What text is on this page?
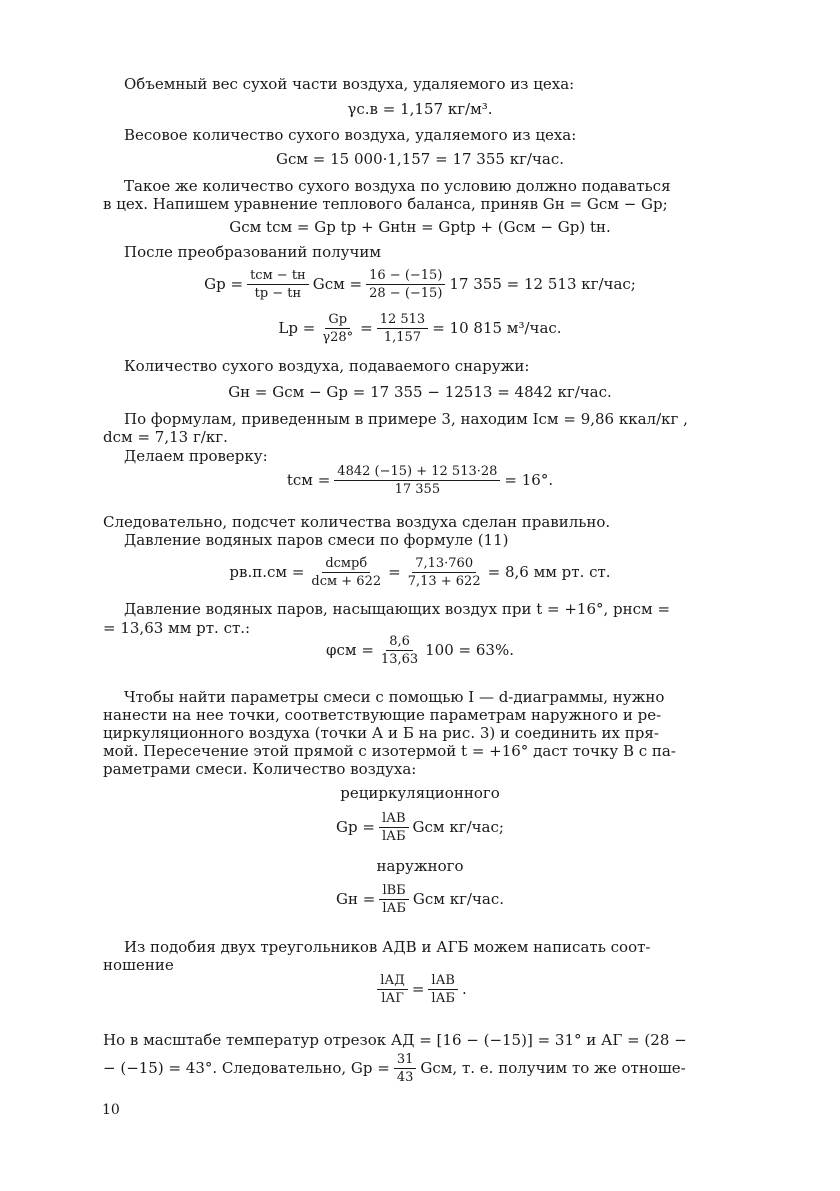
Объемный вес сухой части воздуха, удаляемого из цеха:
γс.в = 1,157 кг/м³.
Весовое количество сухого воздуха, удаляемого из цеха:
Gсм = 15 000·1,157 = 17 355 кг/час.
Такое же количество сухого воздуха по условию должно подаваться
в цех. Напишем уравнение теплового баланса, приняв Gн = Gсм − Gр;
Gсм tсм = Gр tр + Gнtн = Gрtр + (Gсм − Gр) tн.
После преобразований получим
Gр = $\frac{\text{tсм − tн}}{tр - tн}$ Gсм = $\frac{16 - (-15)}{28 - (-15)} 17$ 355 = 12 513 кг/час;
Lр = $\frac{Gр}{\gamma 28^\circ} = \frac{12 513}{1,157} = 10$ 815 м³/час.
Количество сухого воздуха, подаваемого снаружи:
Gн = Gсм − Gр = 17 355 − 12513 = 4842 кг/час.
По формулам, приведенным в примере 3, находим Iсм = 9,86 ккал/кг ,
dсм = 7,13 г/кг.
Делаем проверку:
tсм = $\frac{4842 (-15) + 12 513\cdot 28}{17 355} = 16^\circ$.
Следовательно, подсчет количества воздуха сделан правильно.
Давление водяных паров смеси по формуле (11)
$pв.п.см = \frac{\text{dсмpб}}{\text{dсм + 622}} = \frac{7,13\cdot 760}{7,13 + 622} = 8,6$ мм рт. ст.
Давление водяных паров, насыщающих воздух при t = +16°, pнсм =
= 13,63 мм рт. ст.:
$\varphi см = \frac{8,6}{13,63} 100 = 63\%$.
Чтобы найти параметры смеси с помощью I — d-диаграммы, нужно
нанести на нее точки, соответствующие параметрам наружного и ре-
циркуляционного воздуха (точки А и Б на рис. 3) и соединить их пря-
мой. Пересечение этой прямой с изотермой t = +16° даст точку В с па-
раметрами смеси. Количество воздуха:
рециркуляционного
Gр = $\frac{\text{lАВ}}{\text{lАБ}}$ Gсм кг/час;
наружного
Gн = $\frac{\text{lВБ}}{\text{lАБ}}$ Gсм кг/час.
Из подобия двух треугольников АДВ и АГБ можем написать соот-
ношение
$\frac{\text{lАД}}{\text{lАГ}} = \frac{\text{lАВ}}{\text{lАБ}}$ .
Но в масштабе температур отрезок АД = [16 − (−15)] = 31° и АГ = (28 −
− (−15) = 43°. Следовательно, Gр = $\frac{31}{43}$ Gсм, т. е. получим то же отноше-
10
